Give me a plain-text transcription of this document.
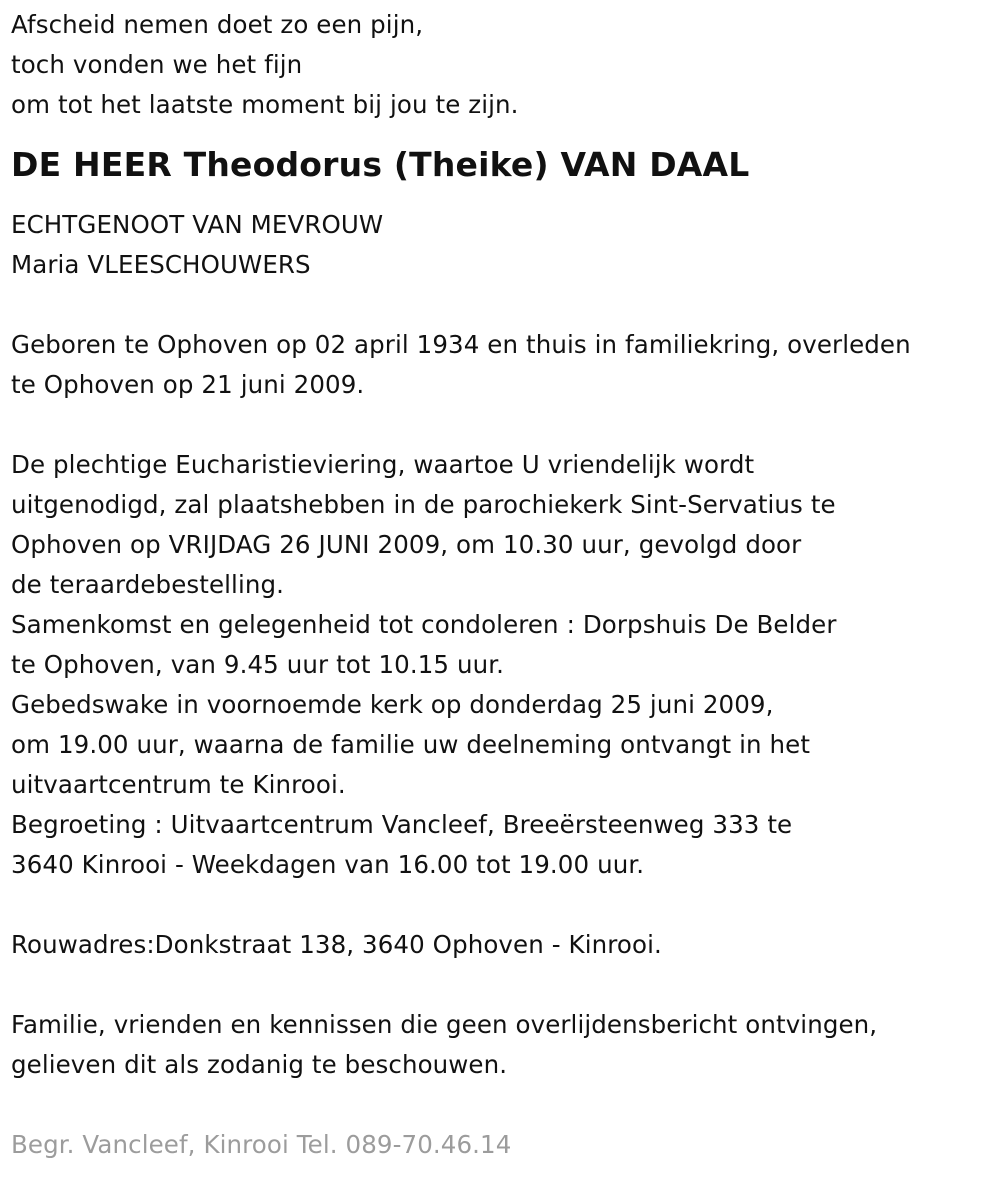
Afscheid nemen doet zo een pijn,
toch vonden we het fijn
om tot het laatste moment bij jou te zijn.
DE HEER Theodorus (Theike) VAN DAAL
ECHTGENOOT VAN MEVROUW
Maria VLEESCHOUWERS
Geboren te Ophoven op 02 april 1934 en thuis in familiekring, overleden
te Ophoven op 21 juni 2009.
De plechtige Eucharistieviering, waartoe U vriendelijk wordt
uitgenodigd, zal plaatshebben in de parochiekerk Sint-Servatius te
Ophoven op VRIJDAG 26 JUNI 2009, om 10.30 uur, gevolgd door
de teraardebestelling.
Samenkomst en gelegenheid tot condoleren : Dorpshuis De Belder
te Ophoven, van 9.45 uur tot 10.15 uur.
Gebedswake in voornoemde kerk op donderdag 25 juni 2009,
om 19.00 uur, waarna de familie uw deelneming ontvangt in het
uitvaartcentrum te Kinrooi.
Begroeting : Uitvaartcentrum Vancleef, Breeërsteenweg 333 te
3640 Kinrooi - Weekdagen van 16.00 tot 19.00 uur.
Rouwadres:Donkstraat 138, 3640 Ophoven - Kinrooi.
Familie, vrienden en kennissen die geen overlijdensbericht ontvingen,
gelieven dit als zodanig te beschouwen.
Begr. Vancleef, Kinrooi Tel. 089-70.46.14
